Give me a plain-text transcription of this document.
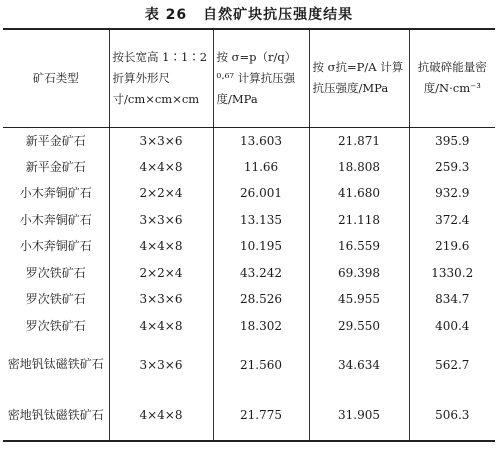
表 26 自然矿块抗压强度结果
矿石类型	按长宽高 1∶1∶2 折算外形尺寸/cm×cm×cm	按 σ=p（r/q）⁰·⁶⁷ 计算抗压强度/MPa	按 σ抗=P/A 计算抗压强度/MPa	抗破碎能量密度/N·cm⁻³
新平金矿石	3×3×6	13.603	21.871	395.9
新平金矿石	4×4×8	11.66	18.808	259.3
小木奔铜矿石	2×2×4	26.001	41.680	932.9
小木奔铜矿石	3×3×6	13.135	21.118	372.4
小木奔铜矿石	4×4×8	10.195	16.559	219.6
罗次铁矿石	2×2×4	43.242	69.398	1330.2
罗次铁矿石	3×3×6	28.526	45.955	834.7
罗次铁矿石	4×4×8	18.302	29.550	400.4
密地钒钛磁铁矿石	3×3×6	21.560	34.634	562.7
密地钒钛磁铁矿石	4×4×8	21.775	31.905	506.3
